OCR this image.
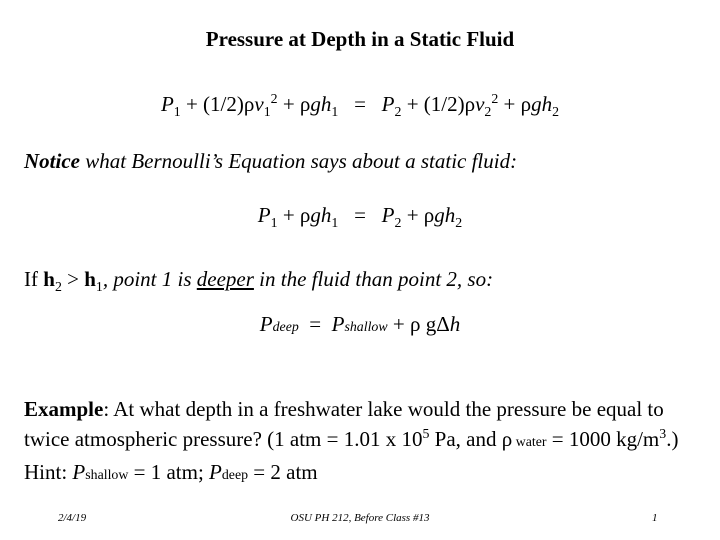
Pressure at Depth in a Static Fluid
$P_1 + (1/2)\rho v_1^2 + \rho gh_1 = P_2 + (1/2)\rho v_2^2 + \rho gh_2$
Notice what Bernoulli’s Equation says about a static fluid:
$P_1 + \rho gh_1 = P_2 + \rho gh_2$
If $h_2 > h_1$, point 1 is deeper in the fluid than point 2, so:
Pdeep  =  Pshallow + ρ gΔh
Example: At what depth in a freshwater lake would the pressure be equal to twice atmospheric pressure? (1 atm = 1.01 x $10^5$ Pa, and ρ water = 1000 $kg/m^3$.) Hint: Pshallow = 1 atm; Pdeep = 2 atm
2/4/19	OSU PH 212, Before Class #13	1
